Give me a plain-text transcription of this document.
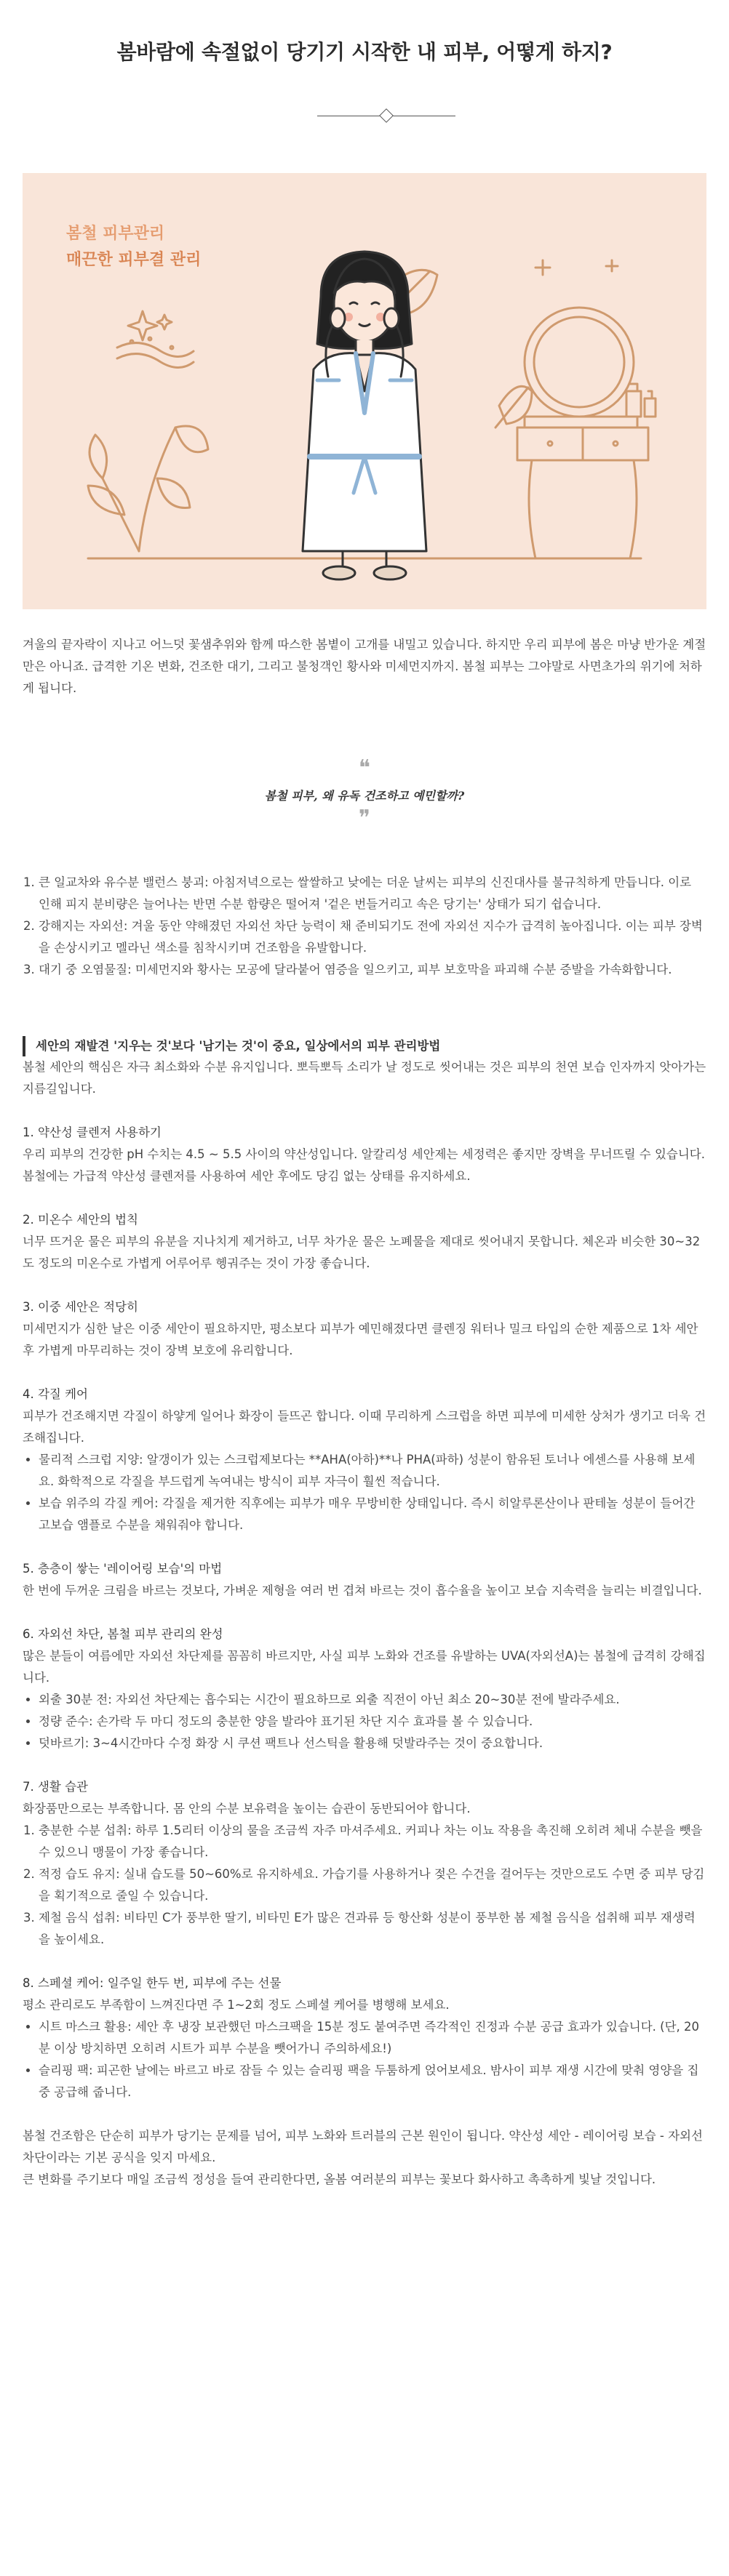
봄바람에 속절없이 당기기 시작한 내 피부, 어떻게 하지?
봄철 피부관리
매끈한 피부결 관리

겨울의 끝자락이 지나고 어느덧 꽃샘추위와 함께 따스한 봄볕이 고개를 내밀고 있습니다. 하지만 우리 피부에 봄은 마냥 반가운 계절만은 아니죠. 급격한 기온 변화, 건조한 대기, 그리고 불청객인 황사와 미세먼지까지. 봄철 피부는 그야말로 사면초가의 위기에 처하게 됩니다.

❝
봄철 피부, 왜 유독 건조하고 예민할까?
❞
1. 큰 일교차와 유수분 밸런스 붕괴: 아침저녁으로는 쌀쌀하고 낮에는 더운 날씨는 피부의 신진대사를 불규칙하게 만듭니다. 이로 인해 피지 분비량은 늘어나는 반면 수분 함량은 떨어져 '겉은 번들거리고 속은 당기는' 상태가 되기 쉽습니다.
2. 강해지는 자외선: 겨울 동안 약해졌던 자외선 차단 능력이 채 준비되기도 전에 자외선 지수가 급격히 높아집니다. 이는 피부 장벽을 손상시키고 멜라닌 색소를 침착시키며 건조함을 유발합니다.
3. 대기 중 오염물질: 미세먼지와 황사는 모공에 달라붙어 염증을 일으키고, 피부 보호막을 파괴해 수분 증발을 가속화합니다.
세안의 재발견 '지우는 것'보다 '남기는 것'이 중요, 일상에서의 피부 관리방법

봄철 세안의 핵심은 자극 최소화와 수분 유지입니다. 뽀득뽀득 소리가 날 정도로 씻어내는 것은 피부의 천연 보습 인자까지 앗아가는 지름길입니다.

1. 약산성 클렌저 사용하기

우리 피부의 건강한 pH 수치는 4.5 ~ 5.5 사이의 약산성입니다. 알칼리성 세안제는 세정력은 좋지만 장벽을 무너뜨릴 수 있습니다. 봄철에는 가급적 약산성 클렌저를 사용하여 세안 후에도 당김 없는 상태를 유지하세요.

2. 미온수 세안의 법칙

너무 뜨거운 물은 피부의 유분을 지나치게 제거하고, 너무 차가운 물은 노폐물을 제대로 씻어내지 못합니다. 체온과 비슷한 30~32도 정도의 미온수로 가볍게 어루어루 헹궈주는 것이 가장 좋습니다.

3. 이중 세안은 적당히

미세먼지가 심한 날은 이중 세안이 필요하지만, 평소보다 피부가 예민해졌다면 클렌징 워터나 밀크 타입의 순한 제품으로 1차 세안 후 가볍게 마무리하는 것이 장벽 보호에 유리합니다.

4. 각질 케어

피부가 건조해지면 각질이 하얗게 일어나 화장이 들뜨곤 합니다. 이때 무리하게 스크럽을 하면 피부에 미세한 상처가 생기고 더욱 건조해집니다.

• 물리적 스크럽 지양: 알갱이가 있는 스크럽제보다는 **AHA(아하)**나 PHA(파하) 성분이 함유된 토너나 에센스를 사용해 보세요. 화학적으로 각질을 부드럽게 녹여내는 방식이 피부 자극이 훨씬 적습니다.
• 보습 위주의 각질 케어: 각질을 제거한 직후에는 피부가 매우 무방비한 상태입니다. 즉시 히알루론산이나 판테놀 성분이 들어간 고보습 앰플로 수분을 채워줘야 합니다.
5. 층층이 쌓는 '레이어링 보습'의 마법

한 번에 두꺼운 크림을 바르는 것보다, 가벼운 제형을 여러 번 겹쳐 바르는 것이 흡수율을 높이고 보습 지속력을 늘리는 비결입니다.

6. 자외선 차단, 봄철 피부 관리의 완성

많은 분들이 여름에만 자외선 차단제를 꼼꼼히 바르지만, 사실 피부 노화와 건조를 유발하는 UVA(자외선A)는 봄철에 급격히 강해집니다.

• 외출 30분 전: 자외선 차단제는 흡수되는 시간이 필요하므로 외출 직전이 아닌 최소 20~30분 전에 발라주세요.
• 정량 준수: 손가락 두 마디 정도의 충분한 양을 발라야 표기된 차단 지수 효과를 볼 수 있습니다.
• 덧바르기: 3~4시간마다 수정 화장 시 쿠션 팩트나 선스틱을 활용해 덧발라주는 것이 중요합니다.
7. 생활 습관

화장품만으로는 부족합니다. 몸 안의 수분 보유력을 높이는 습관이 동반되어야 합니다.

1. 충분한 수분 섭취: 하루 1.5리터 이상의 물을 조금씩 자주 마셔주세요. 커피나 차는 이뇨 작용을 촉진해 오히려 체내 수분을 뺏을 수 있으니 맹물이 가장 좋습니다.
2. 적정 습도 유지: 실내 습도를 50~60%로 유지하세요. 가습기를 사용하거나 젖은 수건을 걸어두는 것만으로도 수면 중 피부 당김을 획기적으로 줄일 수 있습니다.
3. 제철 음식 섭취: 비타민 C가 풍부한 딸기, 비타민 E가 많은 견과류 등 항산화 성분이 풍부한 봄 제철 음식을 섭취해 피부 재생력을 높이세요.
8. 스페셜 케어: 일주일 한두 번, 피부에 주는 선물

평소 관리로도 부족함이 느껴진다면 주 1~2회 정도 스페셜 케어를 병행해 보세요.

• 시트 마스크 활용: 세안 후 냉장 보관했던 마스크팩을 15분 정도 붙여주면 즉각적인 진정과 수분 공급 효과가 있습니다. (단, 20분 이상 방치하면 오히려 시트가 피부 수분을 뺏어가니 주의하세요!)
• 슬리핑 팩: 피곤한 날에는 바르고 바로 잠들 수 있는 슬리핑 팩을 두툼하게 얹어보세요. 밤사이 피부 재생 시간에 맞춰 영양을 집중 공급해 줍니다.

봄철 건조함은 단순히 피부가 당기는 문제를 넘어, 피부 노화와 트러블의 근본 원인이 됩니다. 약산성 세안 - 레이어링 보습 - 자외선 차단이라는 기본 공식을 잊지 마세요.

큰 변화를 주기보다 매일 조금씩 정성을 들여 관리한다면, 올봄 여러분의 피부는 꽃보다 화사하고 촉촉하게 빛날 것입니다.
